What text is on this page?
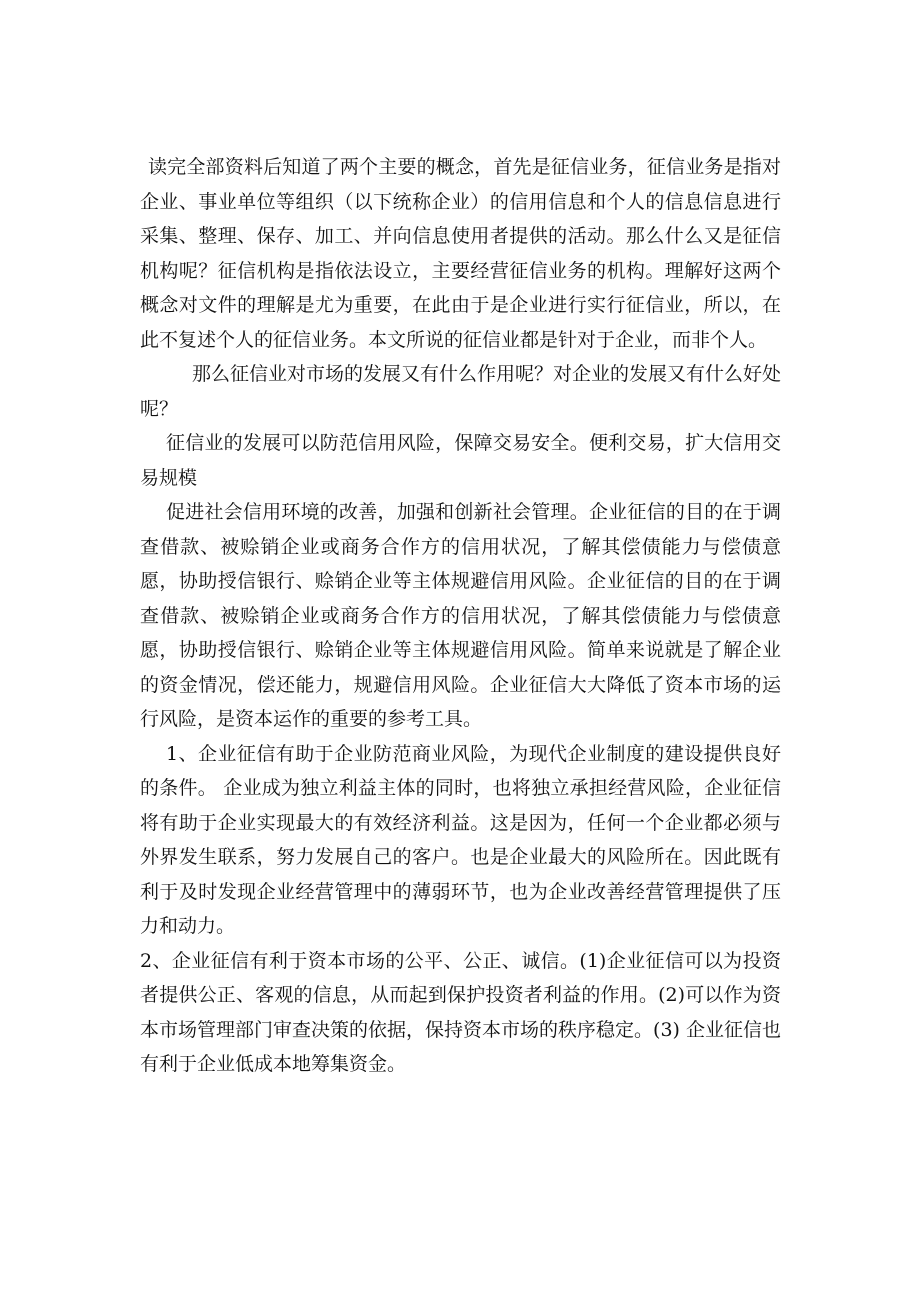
读完全部资料后知道了两个主要的概念，首先是征信业务，征信业务是指对企业、事业单位等组织（以下统称企业）的信用信息和个人的信息信息进行采集、整理、保存、加工、并向信息使用者提供的活动。那么什么又是征信机构呢？征信机构是指依法设立，主要经营征信业务的机构。理解好这两个概念对文件的理解是尤为重要，在此由于是企业进行实行征信业，所以，在此不复述个人的征信业务。本文所说的征信业都是针对于企业，而非个人。

那么征信业对市场的发展又有什么作用呢？对企业的发展又有什么好处呢？

征信业的发展可以防范信用风险，保障交易安全。便利交易，扩大信用交易规模

促进社会信用环境的改善，加强和创新社会管理。企业征信的目的在于调查借款、被赊销企业或商务合作方的信用状况，了解其偿债能力与偿债意愿，协助授信银行、赊销企业等主体规避信用风险。企业征信的目的在于调查借款、被赊销企业或商务合作方的信用状况，了解其偿债能力与偿债意愿，协助授信银行、赊销企业等主体规避信用风险。简单来说就是了解企业的资金情况，偿还能力，规避信用风险。企业征信大大降低了资本市场的运行风险，是资本运作的重要的参考工具。

1、企业征信有助于企业防范商业风险，为现代企业制度的建设提供良好的条件。 企业成为独立利益主体的同时，也将独立承担经营风险，企业征信将有助于企业实现最大的有效经济利益。这是因为，任何一个企业都必须与外界发生联系，努力发展自己的客户。也是企业最大的风险所在。因此既有利于及时发现企业经营管理中的薄弱环节，也为企业改善经营管理提供了压力和动力。

2、企业征信有利于资本市场的公平、公正、诚信。(1)企业征信可以为投资者提供公正、客观的信息，从而起到保护投资者利益的作用。(2)可以作为资本市场管理部门审查决策的依据，保持资本市场的秩序稳定。(3) 企业征信也有利于企业低成本地筹集资金。
